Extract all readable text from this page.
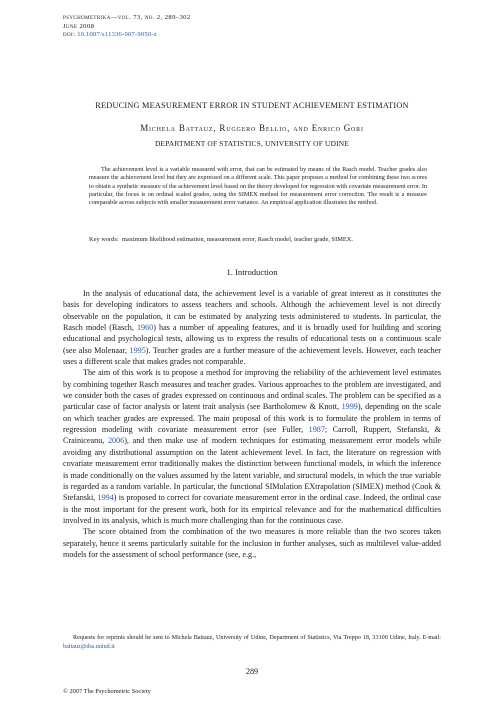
psychometrika—vol. 73, no. 2, 289–302
June 2008
doi: 10.1007/s11336-007-9050-z
REDUCING MEASUREMENT ERROR IN STUDENT ACHIEVEMENT ESTIMATION
Michela Battauz, Ruggero Bellio, and Enrico Gori
DEPARTMENT OF STATISTICS, UNIVERSITY OF UDINE
The achievement level is a variable measured with error, that can be estimated by means of the Rasch model. Teacher grades also measure the achievement level but they are expressed on a different scale. This paper proposes a method for combining these two scores to obtain a synthetic measure of the achievement level based on the theory developed for regression with covariate measurement error. In particular, the focus is on ordinal scaled grades, using the SIMEX method for measurement error correction. The result is a measure comparable across subjects with smaller measurement error variance. An empirical application illustrates the method.
Key words: maximum likelihood estimation, measurement error, Rasch model, teacher grade, SIMEX.
1. Introduction

In the analysis of educational data, the achievement level is a variable of great interest as it constitutes the basis for developing indicators to assess teachers and schools. Although the achievement level is not directly observable on the population, it can be estimated by analyzing tests administered to students. In particular, the Rasch model (Rasch, 1960) has a number of appealing features, and it is broadly used for building and scoring educational and psychological tests, allowing us to express the results of educational tests on a continuous scale (see also Molenaar, 1995). Teacher grades are a further measure of the achievement levels. However, each teacher uses a different scale that makes grades not comparable.

The aim of this work is to propose a method for improving the reliability of the achievement level estimates by combining together Rasch measures and teacher grades. Various approaches to the problem are investigated, and we consider both the cases of grades expressed on continuous and ordinal scales. The problem can be specified as a particular case of factor analysis or latent trait analysis (see Bartholomew & Knott, 1999), depending on the scale on which teacher grades are expressed. The main proposal of this work is to formulate the problem in terms of regression modeling with covariate measurement error (see Fuller, 1987; Carroll, Ruppert, Stefanski, & Crainiceanu, 2006), and then make use of modern techniques for estimating measurement error models while avoiding any distributional assumption on the latent achievement level. In fact, the literature on regression with covariate measurement error traditionally makes the distinction between functional models, in which the inference is made conditionally on the values assumed by the latent variable, and structural models, in which the true variable is regarded as a random variable. In particular, the functional SIMulation EXtrapolation (SIMEX) method (Cook & Stefanski, 1994) is proposed to correct for covariate measurement error in the ordinal case. Indeed, the ordinal case is the most important for the present work, both for its empirical relevance and for the mathematical difficulties involved in its analysis, which is much more challenging than for the continuous case.

The score obtained from the combination of the two measures is more reliable than the two scores taken separately, hence it seems particularly suitable for the inclusion in further analyses, such as multilevel value-added models for the assessment of school performance (see, e.g.,

Requests for reprints should be sent to Michela Battauz, University of Udine, Department of Statistics, Via Treppo 18, 33100 Udine, Italy. E-mail: battauz@dss.uniud.it
289
© 2007 The Psychometric Society
